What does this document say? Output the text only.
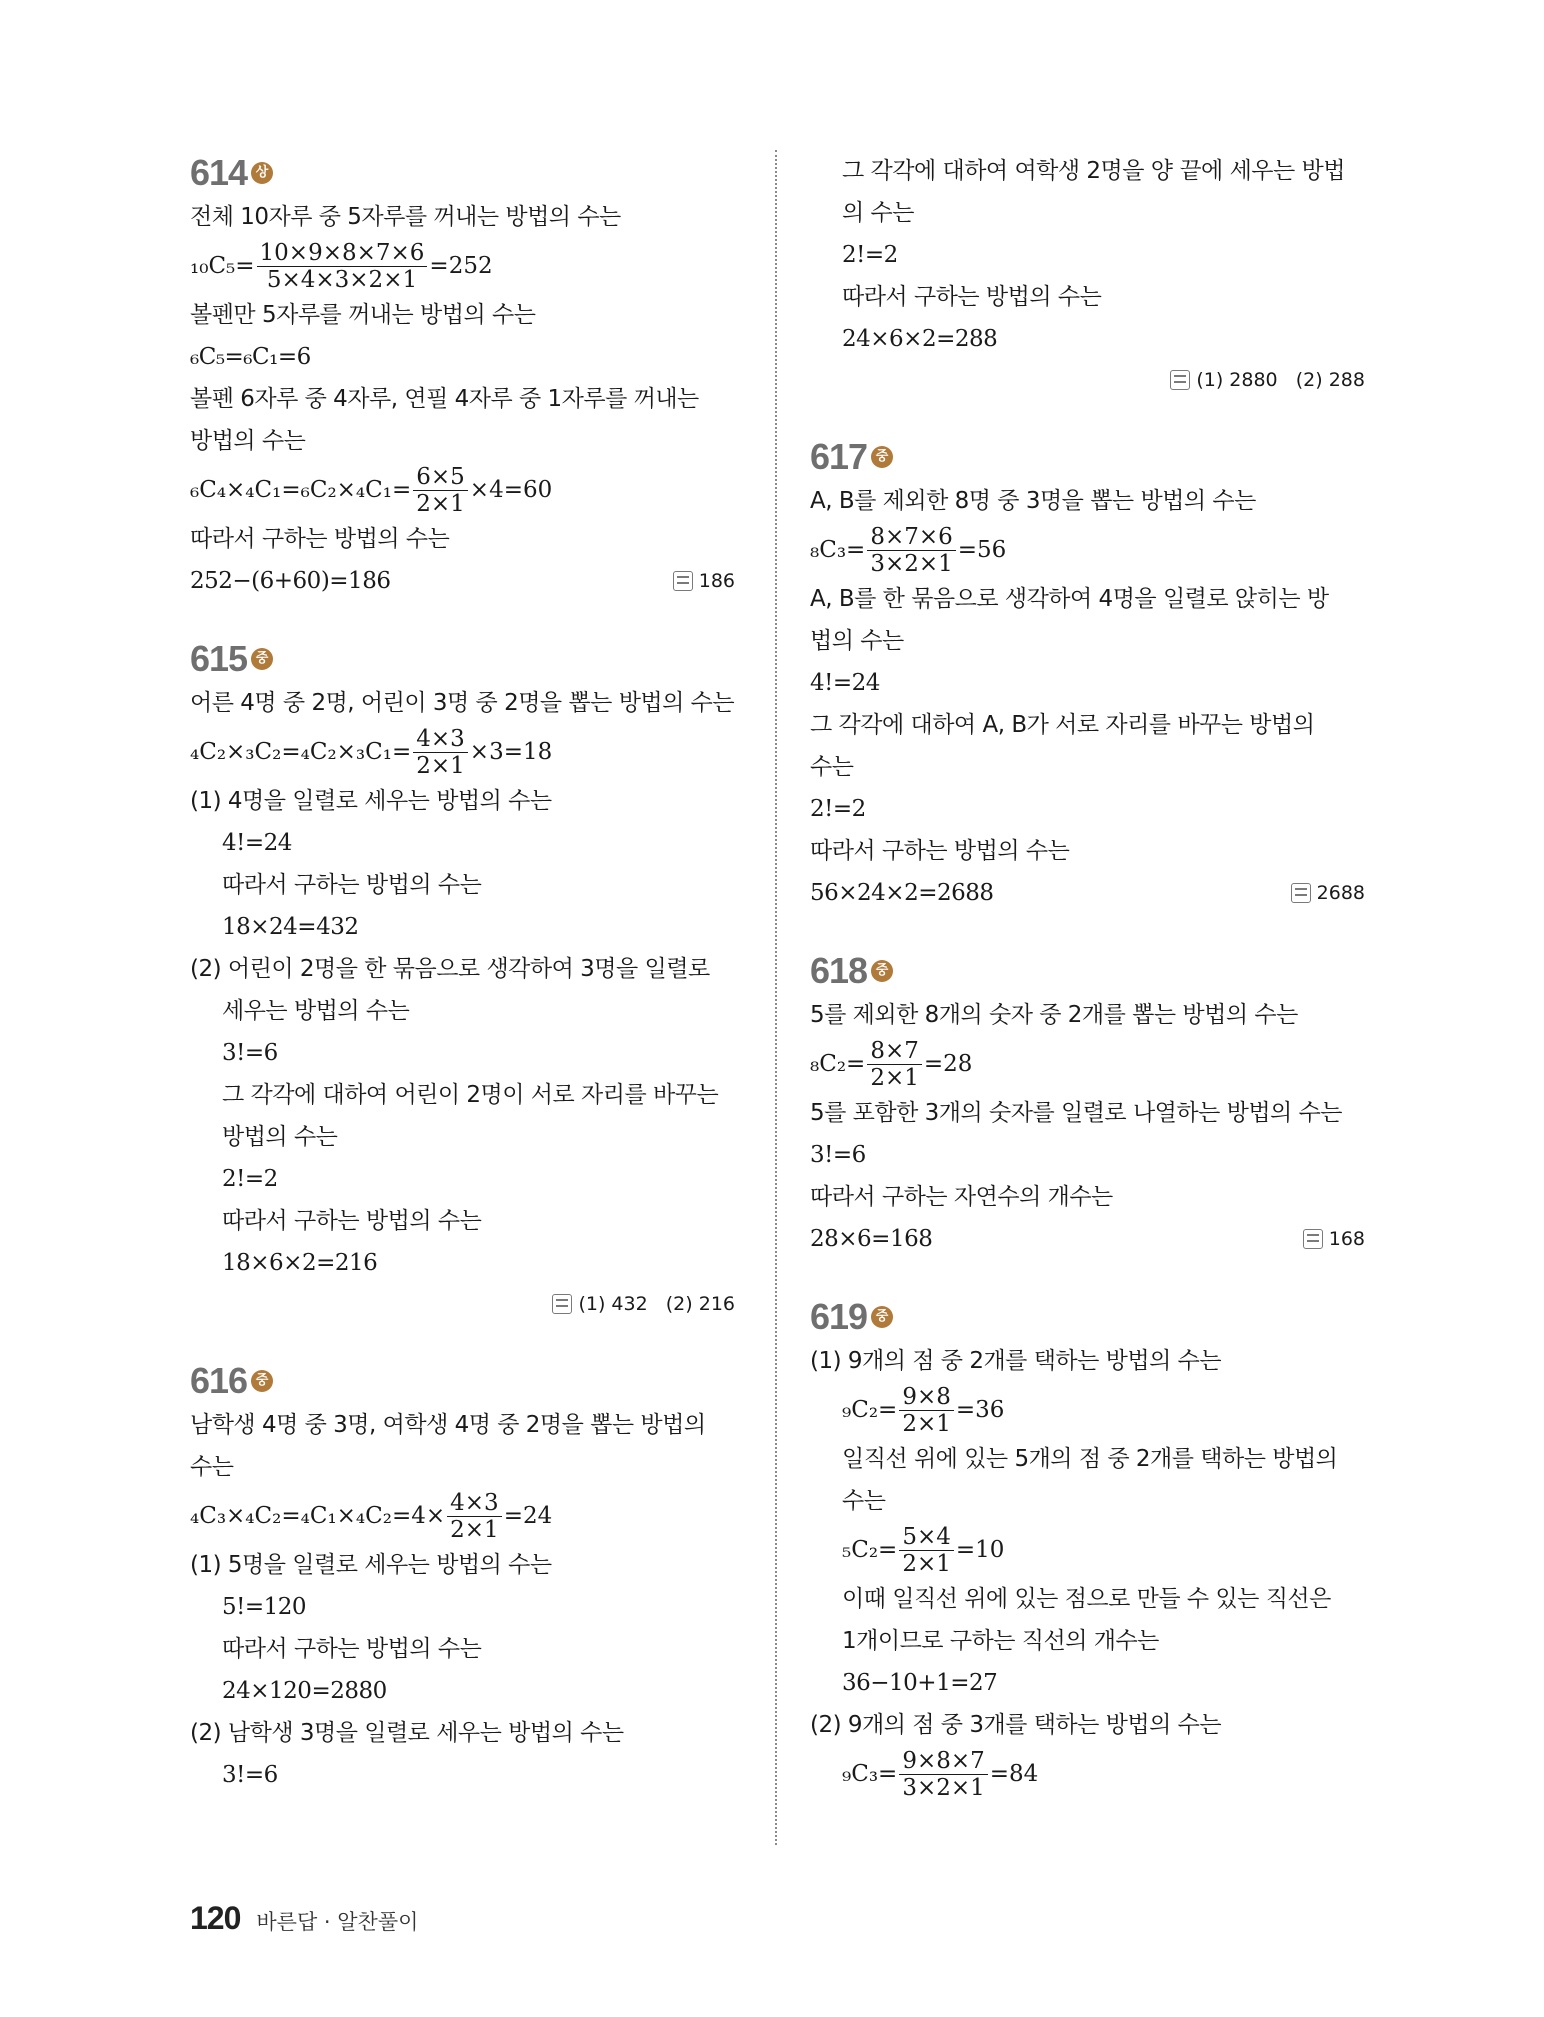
614 상
전체 10자루 중 5자루를 꺼내는 방법의 수는
$_{10}C_5= \frac{10\times 9\times 8\times 7\times 6}{5\times 4\times 3\times 2\times 1} =252$
볼펜만 5자루를 꺼내는 방법의 수는
₆C₅=₆C₁=6
볼펜 6자루 중 4자루, 연필 4자루 중 1자루를 꺼내는
방법의 수는
$_6C_4\times_4C_1=_6C_2\times_4C_1= \frac{6\times 5}{2\times 1} \times 4=60$
따라서 구하는 방법의 수는
252−(6+60)=186	186
615 중
어른 4명 중 2명, 어린이 3명 중 2명을 뽑는 방법의 수는
$_4C_2\times_3C_2=_4C_2\times_3C_1= \frac{4\times 3}{2\times 1} \times 3=18$
(1) 4명을 일렬로 세우는 방법의 수는
4!=24
따라서 구하는 방법의 수는
18×24=432
(2) 어린이 2명을 한 묶음으로 생각하여 3명을 일렬로
세우는 방법의 수는
3!=6
그 각각에 대하여 어린이 2명이 서로 자리를 바꾸는
방법의 수는
2!=2
따라서 구하는 방법의 수는
18×6×2=216
(1) 432   (2) 216
616 중
남학생 4명 중 3명, 여학생 4명 중 2명을 뽑는 방법의
수는
$_4C_3\times_4C_2=_4C_1\times_4C_2=4\times \frac{4\times 3}{2\times 1} =24$
(1) 5명을 일렬로 세우는 방법의 수는
5!=120
따라서 구하는 방법의 수는
24×120=2880
(2) 남학생 3명을 일렬로 세우는 방법의 수는
3!=6
그 각각에 대하여 여학생 2명을 양 끝에 세우는 방법
의 수는
2!=2
따라서 구하는 방법의 수는
24×6×2=288
(1) 2880   (2) 288
617 중
A, B를 제외한 8명 중 3명을 뽑는 방법의 수는
$_8C_3= \frac{8\times 7\times 6}{3\times 2\times 1} =56$
A, B를 한 묶음으로 생각하여 4명을 일렬로 앉히는 방
법의 수는
4!=24
그 각각에 대하여 A, B가 서로 자리를 바꾸는 방법의
수는
2!=2
따라서 구하는 방법의 수는
56×24×2=2688	2688
618 중
5를 제외한 8개의 숫자 중 2개를 뽑는 방법의 수는
$_8C_2= \frac{8\times 7}{2\times 1} =28$
5를 포함한 3개의 숫자를 일렬로 나열하는 방법의 수는
3!=6
따라서 구하는 자연수의 개수는
28×6=168	168
619 중
(1) 9개의 점 중 2개를 택하는 방법의 수는
$_9C_2= \frac{9\times 8}{2\times 1} =36$
일직선 위에 있는 5개의 점 중 2개를 택하는 방법의
수는
$_5C_2= \frac{5\times 4}{2\times 1} =10$
이때 일직선 위에 있는 점으로 만들 수 있는 직선은
1개이므로 구하는 직선의 개수는
36−10+1=27
(2) 9개의 점 중 3개를 택하는 방법의 수는
$_9C_3= \frac{9\times 8\times 7}{3\times 2\times 1} =84$
120 바른답 · 알찬풀이
